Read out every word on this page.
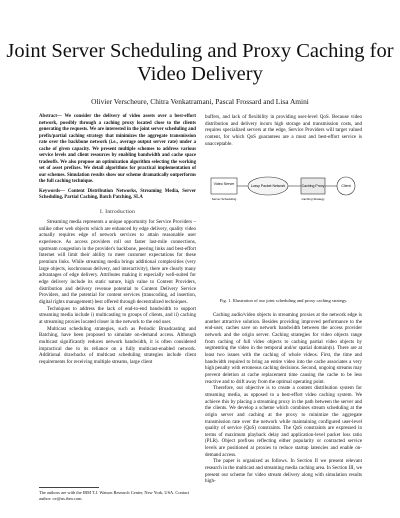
Joint Server Scheduling and Proxy Caching for Video Delivery
Olivier Verscheure, Chitra Venkatramani, Pascal Frossard and Lisa Amini

Abstract— We consider the delivery of video assets over a best-effort network, possibly through a caching proxy located close to the clients generating the requests. We are interested in the joint server scheduling and prefix/partial caching strategy that minimizes the aggregate transmission rate over the backbone network (i.e., average output server rate) under a cache of given capacity. We present multiple schemes to address various service levels and client resources by enabling bandwidth and cache space tradeoffs. We also propose an optimization algorithm selecting the working set of asset prefixes. We detail algorithms for practical implementation of our schemes. Simulation results show our scheme dramatically outperforms the full caching technique.

Keywords— Content Distribution Networks, Streaming Media, Server Scheduling, Partial Caching, Batch Patching, SLA

I. Introduction

Streaming media represents a unique opportunity for Service Providers – unlike other web objects which are enhanced by edge delivery, quality video actually requires edge of network services to attain reasonable user experience. As access providers roll out faster last-mile connections, upstream congestion in the provider's backbone, peering links and best-effort Internet will limit their ability to meet customer expectations for these premium links. While streaming media brings additional complexities (very large objects, isochronous delivery, and interactivity), there are clearly many advantages of edge delivery. Attributes making it especially well-suited for edge delivery include its static nature, high value to Content Providers, distribution and delivery revenue potential to Content Delivery Service Providers, and the potential for content services (transcoding, ad insertion, digital rights management) best offered through decentralized techniques.

Techniques to address the lack of end-to-end bandwidth to support streaming media include i) multicasting to groups of clients, and ii) caching at streaming proxies located closer in the network to the end user.

Multicast scheduling strategies, such as Periodic Broadcasting and Batching, have been proposed to simulate on-demand access. Although multicast significantly reduces network bandwidth, it is often considered impractical due to its reliance on a fully multicast-enabled network. Additional drawbacks of multicast scheduling strategies include client requirements for receiving multiple streams, large client

The authors are with the IBM T.J. Watson Research Center, New York, USA. Contact author: ov@us.ibm.com.

buffers, and lack of flexibility in providing user-level QoS. Because video distribution and delivery incurs high storage and transmission costs, and requires specialized servers at the edge, Service Providers will target valued content, for which QoS guarantees are a must and best-effort service is unacceptable.

Video Server
Lossy Packet Network	Caching Proxy	Client
Server Scheduling	Caching Strategy
Fig. 1. Illustration of our joint scheduling and proxy caching strategy.

Caching audio/video objects in streaming proxies at the network edge is another attractive solution. Besides providing improved performance to the end-user, caches save on network bandwidth between the access provider network and the origin server. Caching strategies for video objects range from caching of full video objects to caching partial video objects by segmenting the video in the temporal and/or spatial domain(s). There are at least two issues with the caching of whole videos. First, the time and bandwidth required to bring an entire video into the cache associates a very high penalty with erroneous caching decisions. Second, ongoing streams may prevent deletion at cache replacement time causing the cache to be less reactive and to drift away from the optimal operating point.

Therefore, our objective is to create a content distribution system for streaming media, as opposed to a best-effort video caching system. We achieve this by placing a streaming proxy in the path between the server and the clients. We develop a scheme which combines stream scheduling at the origin server and caching at the proxy to minimize the aggregate transmission rate over the network while maintaining configured user-level quality of service (QoS) constraints. The QoS constraints are expressed in terms of maximum playback delay and application-level packet loss ratio (PLR). Object prefixes reflecting either popularity or contracted service levels are positioned at proxies to reduce startup latencies and enable on-demand access.

The paper is organized as follows. In Section II we present relevant research in the multicast and streaming media caching area. In Section III, we present our scheme for video stream delivery along with simulation results high-
